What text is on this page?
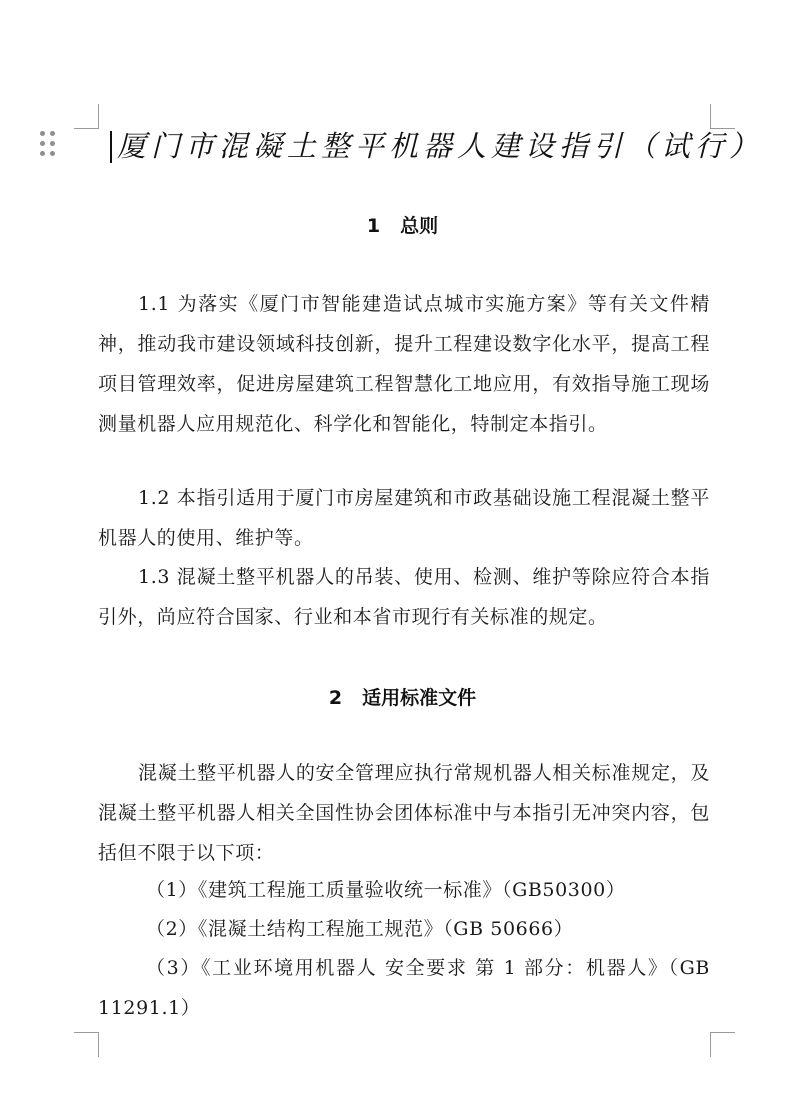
厦门市混凝土整平机器人建设指引（试行）
1 总则
1.1 为落实《厦门市智能建造试点城市实施方案》等有关文件精神，推动我市建设领域科技创新，提升工程建设数字化水平，提高工程项目管理效率，促进房屋建筑工程智慧化工地应用，有效指导施工现场测量机器人应用规范化、科学化和智能化，特制定本指引。
1.2 本指引适用于厦门市房屋建筑和市政基础设施工程混凝土整平机器人的使用、维护等。
1.3 混凝土整平机器人的吊装、使用、检测、维护等除应符合本指引外，尚应符合国家、行业和本省市现行有关标准的规定。
2 适用标准文件
混凝土整平机器人的安全管理应执行常规机器人相关标准规定，及混凝土整平机器人相关全国性协会团体标准中与本指引无冲突内容，包括但不限于以下项：
（1）《建筑工程施工质量验收统一标准》（GB50300）
（2）《混凝土结构工程施工规范》（GB 50666）
（3）《工业环境用机器人 安全要求 第 1 部分：机器人》（GB 11291.1）
